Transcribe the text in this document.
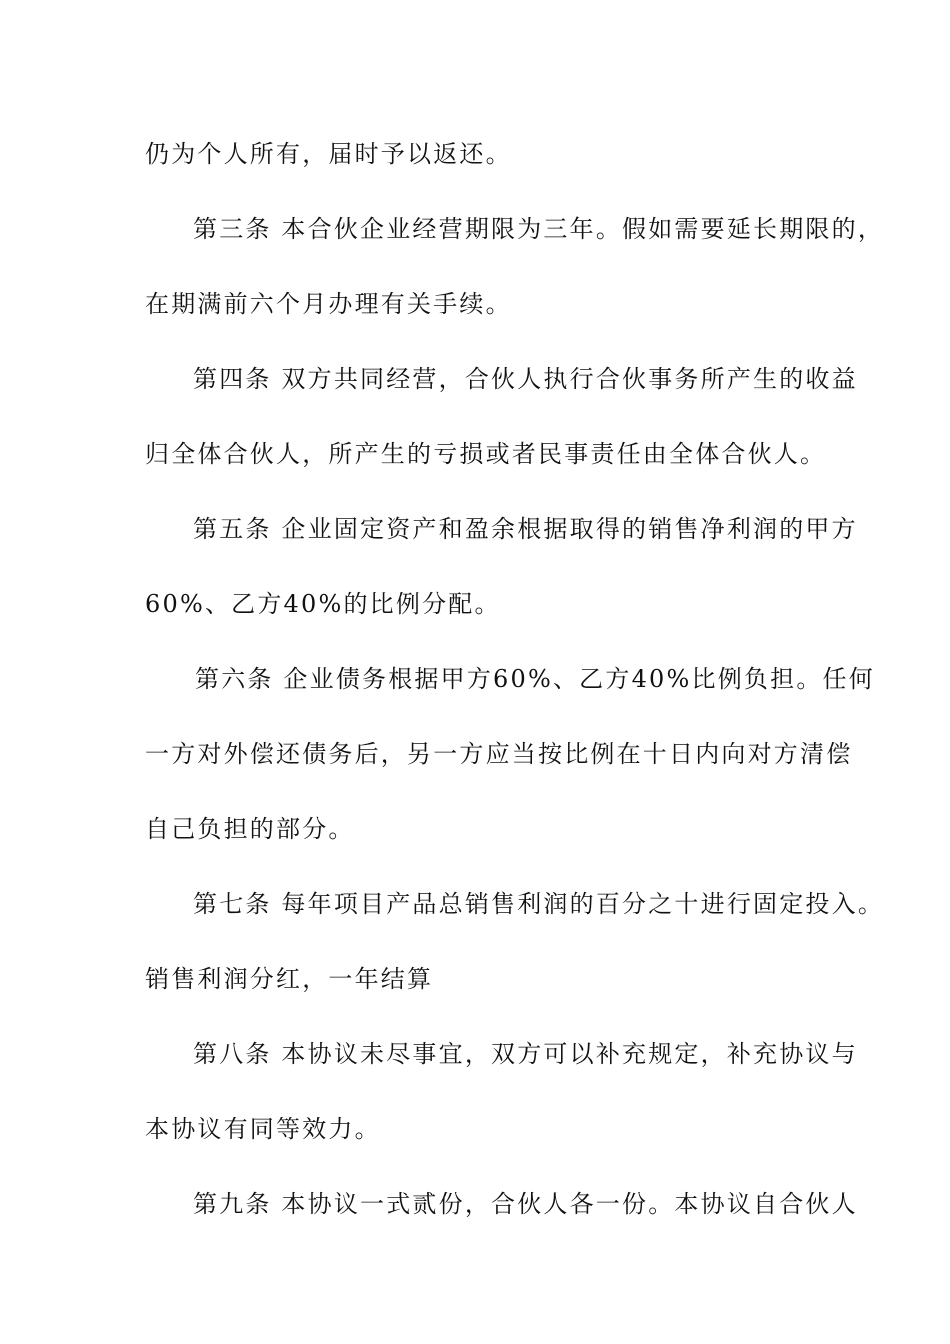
仍为个人所有，届时予以返还。
第三条 本合伙企业经营期限为三年。假如需要延长期限的，
在期满前六个月办理有关手续。
第四条 双方共同经营，合伙人执行合伙事务所产生的收益
归全体合伙人，所产生的亏损或者民事责任由全体合伙人。
第五条 企业固定资产和盈余根据取得的销售净利润的甲方
60%、乙方40%的比例分配。
第六条 企业债务根据甲方60%、乙方40%比例负担。任何
一方对外偿还债务后，另一方应当按比例在十日内向对方清偿
自己负担的部分。
第七条 每年项目产品总销售利润的百分之十进行固定投入。
销售利润分红，一年结算
第八条 本协议未尽事宜，双方可以补充规定，补充协议与
本协议有同等效力。
第九条 本协议一式贰份，合伙人各一份。本协议自合伙人
